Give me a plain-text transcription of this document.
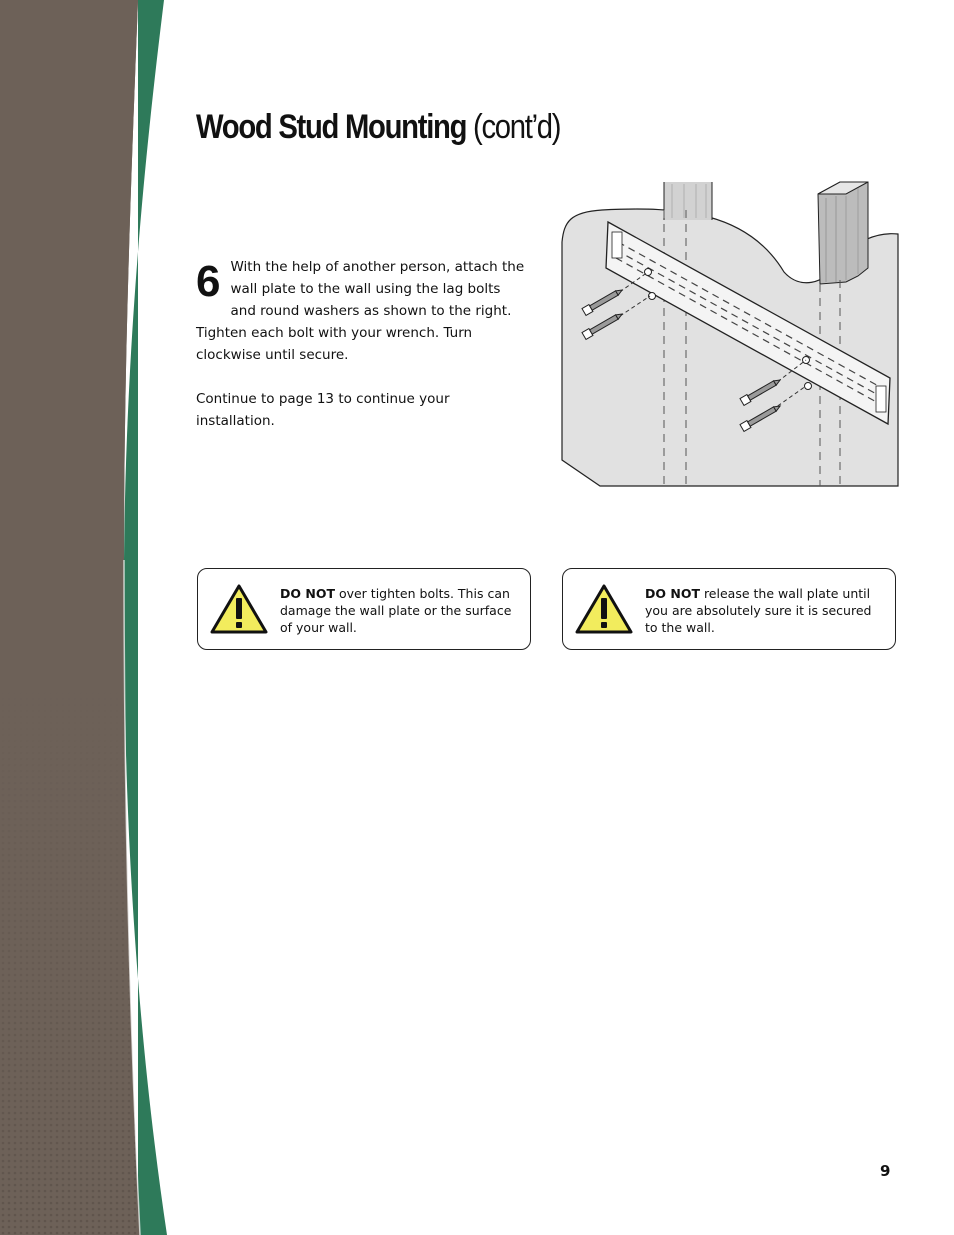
Wood Stud Mounting (cont’d)
6 With the help of another person, attach the wall plate to the wall using the lag bolts and round washers as shown to the right. Tighten each bolt with your wrench. Turn clockwise until secure.

Continue to page 13 to continue your installation.

DO NOT over tighten bolts. This can damage the wall plate or the surface of your wall.
DO NOT release the wall plate until you are absolutely sure it is secured to the wall.
9
